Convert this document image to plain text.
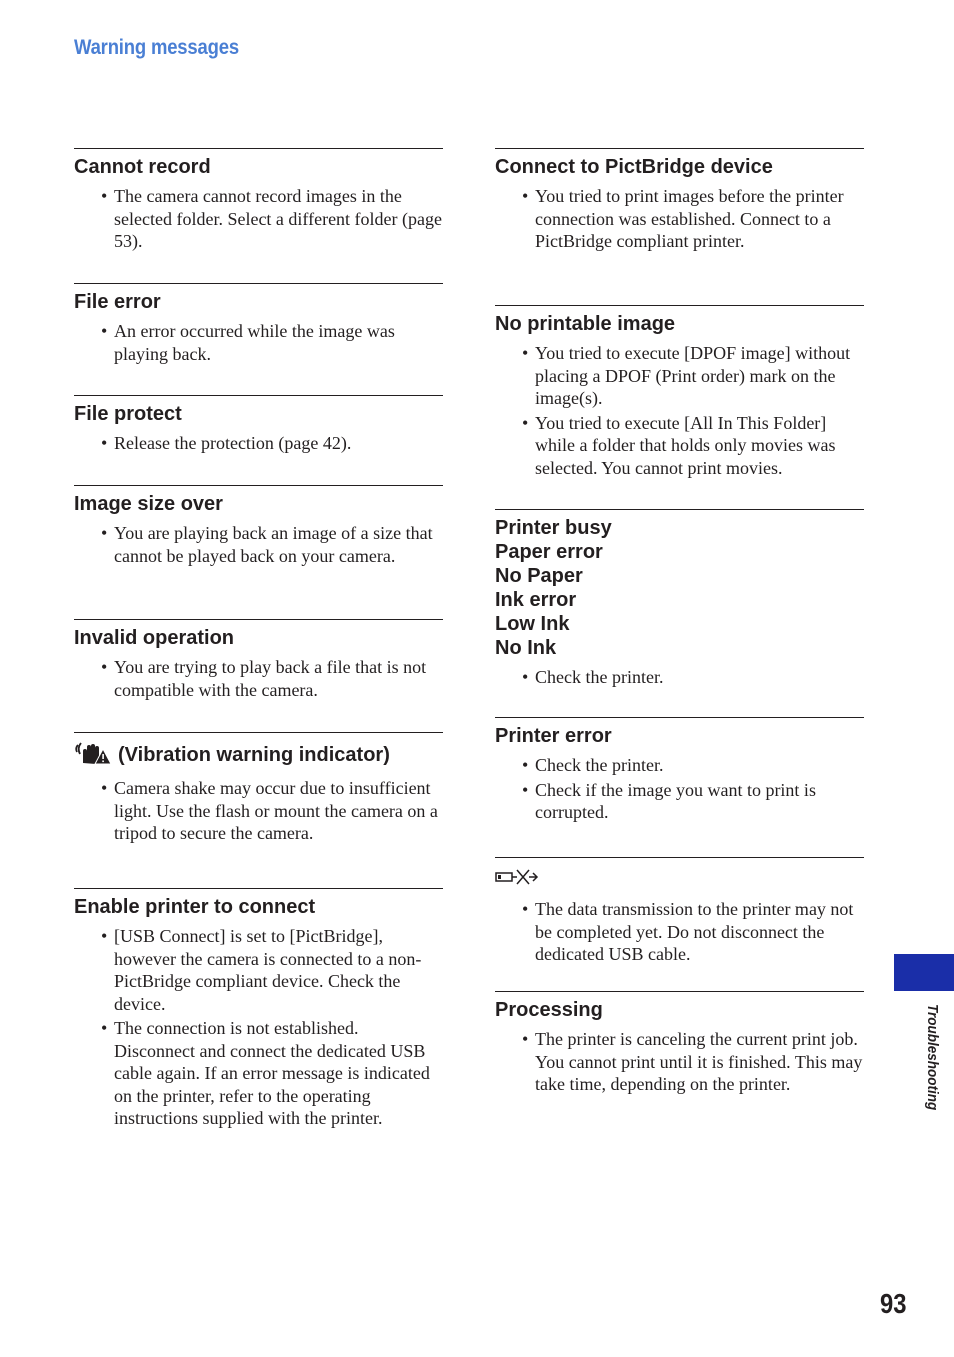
Warning messages
Cannot record
• The camera cannot record images in the selected folder. Select a different folder (page 53).
File error
• An error occurred while the image was playing back.
File protect
• Release the protection (page 42).
Image size over
• You are playing back an image of a size that cannot be played back on your camera.
Invalid operation
• You are trying to play back a file that is not compatible with the camera.
(Vibration warning indicator)
• Camera shake may occur due to insufficient light. Use the flash or mount the camera on a tripod to secure the camera.
Enable printer to connect
• [USB Connect] is set to [PictBridge], however the camera is connected to a non-PictBridge compliant device. Check the device.
• The connection is not established. Disconnect and connect the dedicated USB cable again. If an error message is indicated on the printer, refer to the operating instructions supplied with the printer.
Connect to PictBridge device
• You tried to print images before the printer connection was established. Connect to a PictBridge compliant printer.
No printable image
• You tried to execute [DPOF image] without placing a DPOF (Print order) mark on the image(s).
• You tried to execute [All In This Folder] while a folder that holds only movies was selected. You cannot print movies.
Printer busy
Paper error
No Paper
Ink error
Low Ink
No Ink
• Check the printer.
Printer error
• Check the printer.
• Check if the image you want to print is corrupted.
• The data transmission to the printer may not be completed yet. Do not disconnect the dedicated USB cable.
Processing
• The printer is canceling the current print job. You cannot print until it is finished. This may take time, depending on the printer.	Troubleshooting
93
